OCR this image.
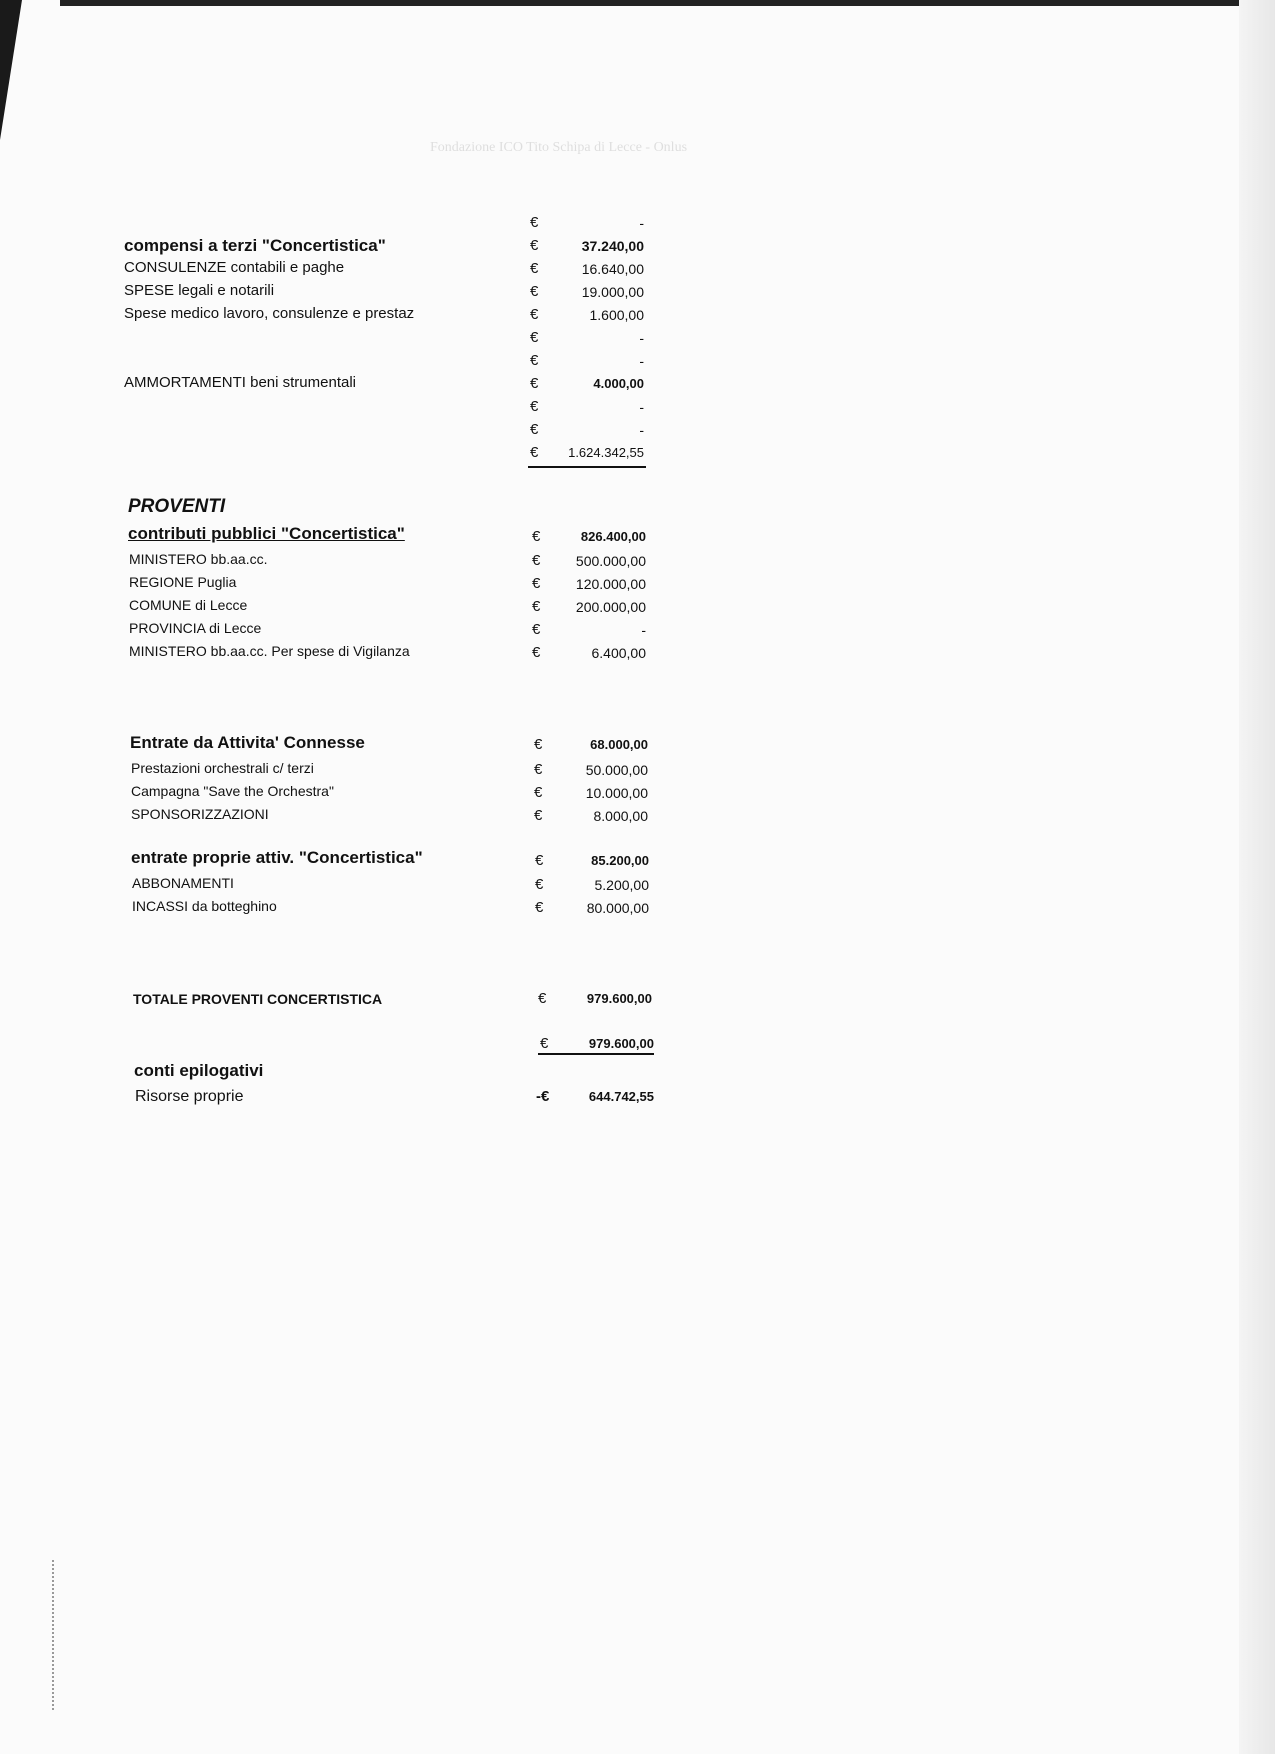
Fondazione ICO Tito Schipa di Lecce - Onlus
€	-
compensi a terzi "Concertistica"	€	37.240,00
CONSULENZE contabili e paghe	€	16.640,00
SPESE legali e notarili	€	19.000,00
Spese medico lavoro, consulenze e prestaz	€	1.600,00
€	-
€	-
AMMORTAMENTI beni strumentali	€	4.000,00
€	-
€	-
€	1.624.342,55
PROVENTI
contributi pubblici "Concertistica"	€	826.400,00
MINISTERO bb.aa.cc.	€	500.000,00
REGIONE Puglia	€	120.000,00
COMUNE di Lecce	€	200.000,00
PROVINCIA di Lecce	€	-
MINISTERO bb.aa.cc. Per spese di Vigilanza	€	6.400,00
Entrate da Attivita' Connesse	€	68.000,00
Prestazioni orchestrali c/ terzi	€	50.000,00
Campagna "Save the Orchestra"	€	10.000,00
SPONSORIZZAZIONI	€	8.000,00
entrate proprie attiv. "Concertistica"	€	85.200,00
ABBONAMENTI	€	5.200,00
INCASSI da botteghino	€	80.000,00
TOTALE PROVENTI CONCERTISTICA	€	979.600,00
€	979.600,00
conti epilogativi
Risorse proprie	-€	644.742,55
